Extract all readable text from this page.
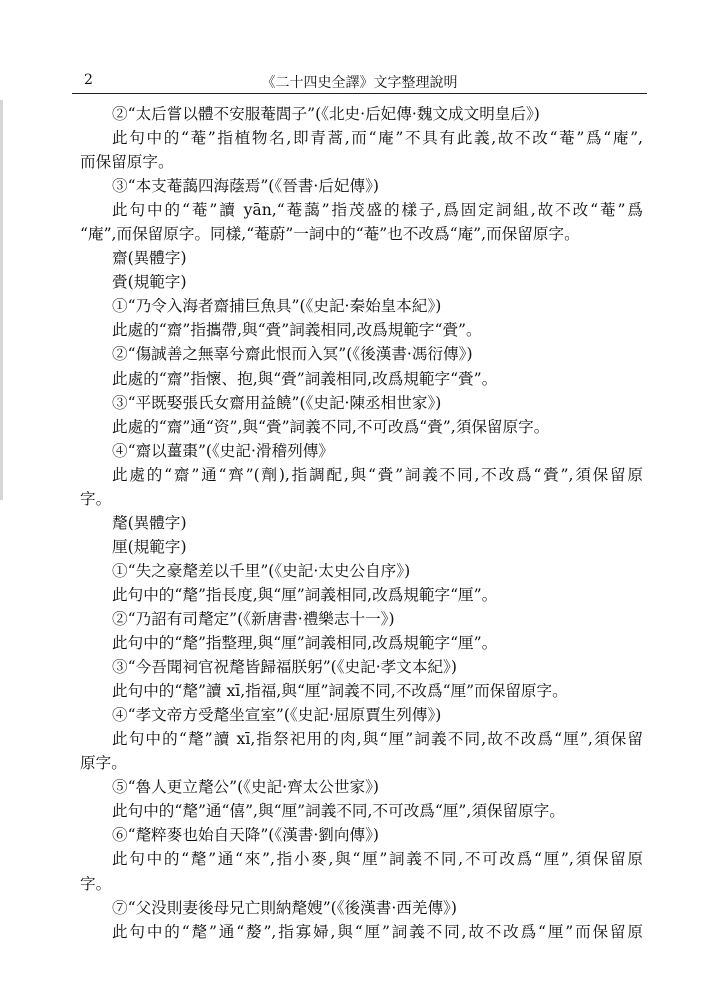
2	《二十四史全譯》文字整理說明
②“太后嘗以體不安服菴閭子”(《北史·后妃傳·魏文成文明皇后》)
此句中的“菴”指植物名,即青蒿,而“庵”不具有此義,故不改“菴”爲“庵”,
而保留原字。
③“本支菴藹四海蔭焉”(《晉書·后妃傳》)
此句中的“菴”讀 yān,“菴藹”指茂盛的樣子,爲固定詞組,故不改“菴”爲
“庵”,而保留原字。同樣,“菴蔚”一詞中的“菴”也不改爲“庵”,而保留原字。
齋(異體字)
賫(規範字)
①“乃令入海者齋捕巨魚具”(《史記·秦始皇本紀》)
此處的“齋”指攜帶,與“賫”詞義相同,改爲規範字“賫”。
②“傷誠善之無辜兮齋此恨而入冥”(《後漢書·馮衍傳》)
此處的“齋”指懷、抱,與“賫”詞義相同,改爲規範字“賫”。
③“平既娶張氏女齋用益饒”(《史記·陳丞相世家》)
此處的“齋”通“资”,與“賫”詞義不同,不可改爲“賫”,須保留原字。
④“齋以薑棗”(《史記·滑稽列傳》
此處的“齋”通“齊”(劑),指調配,與“賫”詞義不同,不改爲“賫”,須保留原
字。
氂(異體字)
厘(規範字)
①“失之豪氂差以千里”(《史記·太史公自序》)
此句中的“氂”指長度,與“厘”詞義相同,改爲規範字“厘”。
②“乃詔有司氂定”(《新唐書·禮樂志十一》)
此句中的“氂”指整理,與“厘”詞義相同,改爲規範字“厘”。
③“今吾聞祠官祝氂皆歸福朕躬”(《史記·孝文本紀》)
此句中的“氂”讀 xī,指福,與“厘”詞義不同,不改爲“厘”而保留原字。
④“孝文帝方受氂坐宣室”(《史記·屈原賈生列傳》)
此句中的“氂”讀 xī,指祭祀用的肉,與“厘”詞義不同,故不改爲“厘”,須保留
原字。
⑤“魯人更立氂公”(《史記·齊太公世家》)
此句中的“氂”通“僖”,與“厘”詞義不同,不可改爲“厘”,須保留原字。
⑥“氂粹麥也始自天降”(《漢書·劉向傳》)
此句中的“氂”通“來”,指小麥,與“厘”詞義不同,不可改爲“厘”,須保留原
字。
⑦“父没則妻後母兄亡則納氂嫂”(《後漢書·西羌傳》)
此句中的“氂”通“嫠”,指寡婦,與“厘”詞義不同,故不改爲“厘”而保留原
